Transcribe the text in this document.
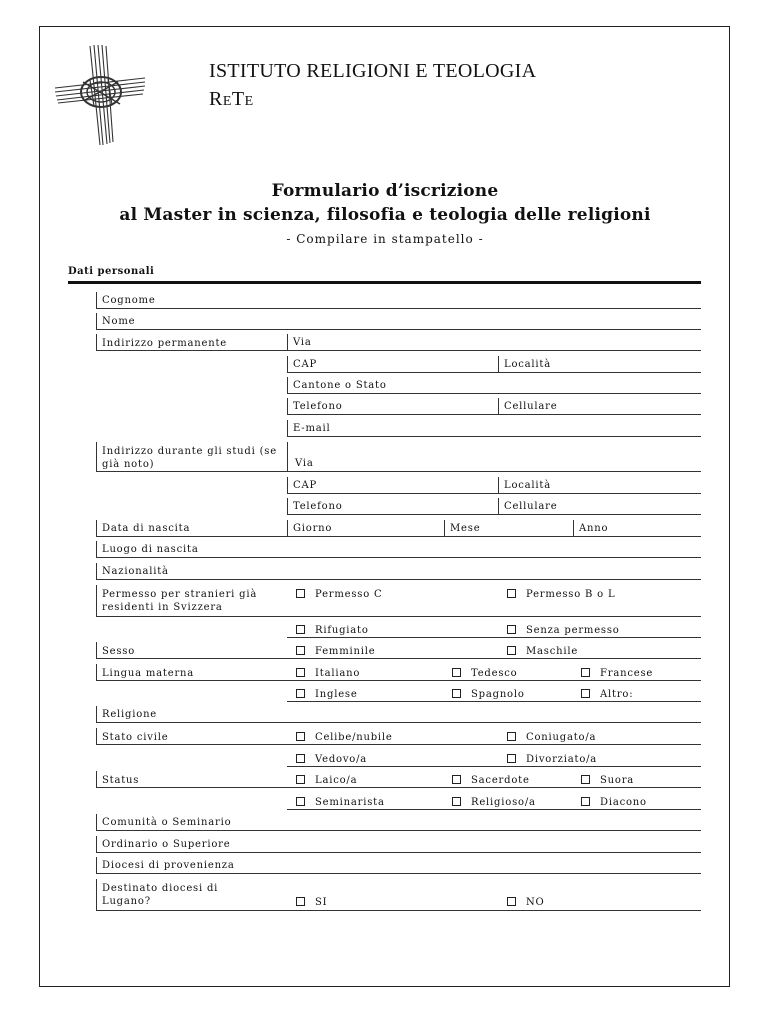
ISTITUTO RELIGIONI E TEOLOGIA
RETE
Formulario d’iscrizione
al Master in scienza, filosofia e teologia delle religioni
- Compilare in stampatello -
Dati personali
Cognome
Nome
Indirizzo permanente	Via
CAP	Località
Cantone o Stato
Telefono	Cellulare
E-mail
Indirizzo durante gli studi (se già noto)	Via
CAP	Località
Telefono	Cellulare
Data di nascita	Giorno	Mese	Anno
Luogo di nascita
Nazionalità
Permesso per stranieri già residenti in Svizzera
Permesso C	Permesso B o L
Rifugiato	Senza permesso
Sesso	Femminile	Maschile
Lingua materna	Italiano	Tedesco	Francese
Inglese	Spagnolo	Altro:
Religione
Stato civile	Celibe/nubile	Coniugato/a
Vedovo/a	Divorziato/a
Status	Laico/a	Sacerdote	Suora
Seminarista	Religioso/a	Diacono
Comunità o Seminario
Ordinario o Superiore
Diocesi di provenienza
Destinato diocesi di Lugano?	SI	NO
